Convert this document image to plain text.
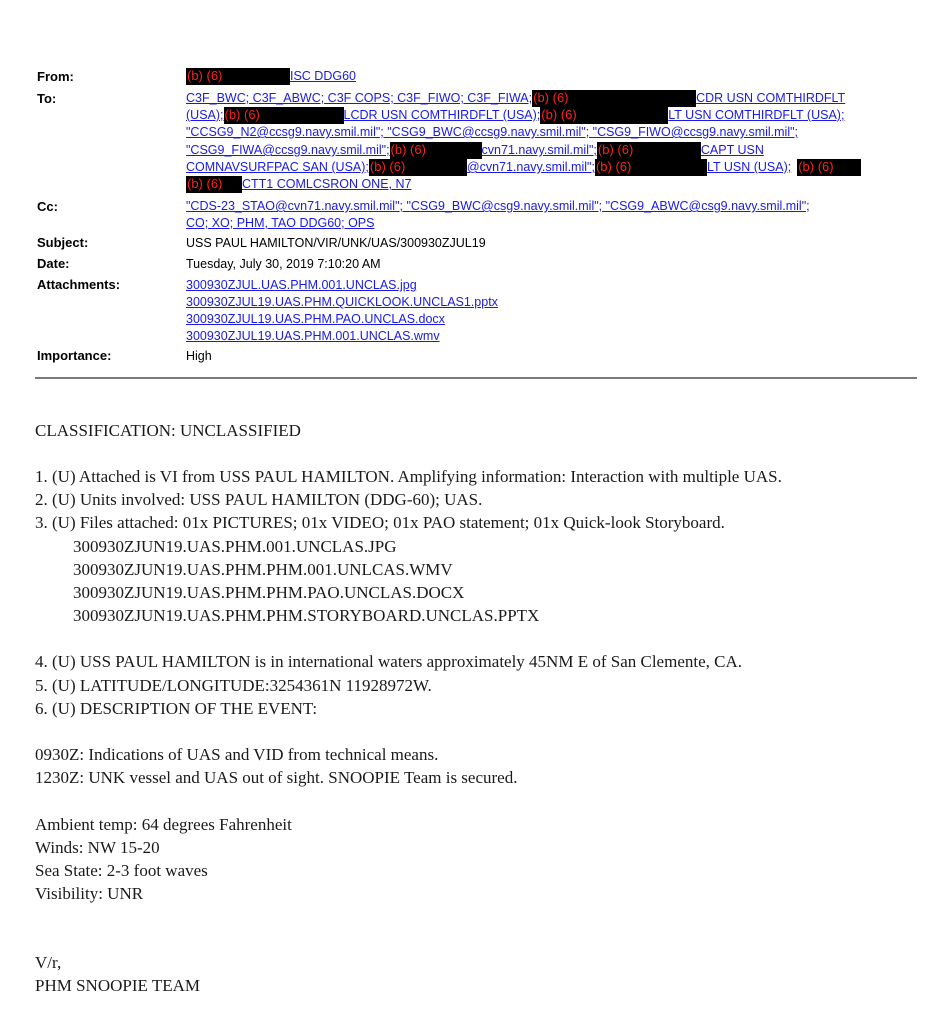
From:	(b) (6)	ISC DDG60
To:	C3F_BWC; C3F_ABWC; C3F COPS; C3F_FIWO; C3F_FIWA;(b) (6)	CDR USN COMTHIRDFLT
(USA);(b) (6)	LCDR USN COMTHIRDFLT (USA);(b) (6)	LT USN COMTHIRDFLT (USA);
"CCSG9_N2@ccsg9.navy.smil.mil"; "CSG9_BWC@ccsg9.navy.smil.mil"; "CSG9_FIWO@ccsg9.navy.smil.mil";
"CSG9_FIWA@ccsg9.navy.smil.mil";(b) (6)	cvn71.navy.smil.mil";(b) (6)	CAPT USN
COMNAVSURFPAC SAN (USA);(b) (6)	@cvn71.navy.smil.mil";(b) (6)	LT USN (USA); (b) (6)
(b) (6) CTT1 COMLCSRON ONE, N7
Cc:	"CDS-23_STAO@cvn71.navy.smil.mil"; "CSG9_BWC@csg9.navy.smil.mil"; "CSG9_ABWC@csg9.navy.smil.mil";
CO; XO; PHM, TAO DDG60; OPS
Subject:	USS PAUL HAMILTON/VIR/UNK/UAS/300930ZJUL19
Date:	Tuesday, July 30, 2019 7:10:20 AM
Attachments:	300930ZJUL.UAS.PHM.001.UNCLAS.jpg
300930ZJUL19.UAS.PHM.QUICKLOOK.UNCLAS1.pptx
300930ZJUL19.UAS.PHM.PAO.UNCLAS.docx
300930ZJUL19.UAS.PHM.001.UNCLAS.wmv
Importance:	High
CLASSIFICATION: UNCLASSIFIED
1. (U) Attached is VI from USS PAUL HAMILTON. Amplifying information: Interaction with multiple UAS.
2. (U) Units involved: USS PAUL HAMILTON (DDG-60); UAS.
3. (U) Files attached: 01x PICTURES; 01x VIDEO; 01x PAO statement; 01x Quick-look Storyboard.
300930ZJUN19.UAS.PHM.001.UNCLAS.JPG
300930ZJUN19.UAS.PHM.PHM.001.UNLCAS.WMV
300930ZJUN19.UAS.PHM.PHM.PAO.UNCLAS.DOCX
300930ZJUN19.UAS.PHM.PHM.STORYBOARD.UNCLAS.PPTX
4. (U) USS PAUL HAMILTON is in international waters approximately 45NM E of San Clemente, CA.
5. (U) LATITUDE/LONGITUDE:3254361N 11928972W.
6. (U) DESCRIPTION OF THE EVENT:
0930Z: Indications of UAS and VID from technical means.
1230Z: UNK vessel and UAS out of sight. SNOOPIE Team is secured.
Ambient temp: 64 degrees Fahrenheit
Winds: NW 15-20
Sea State: 2-3 foot waves
Visibility: UNR
V/r,
PHM SNOOPIE TEAM
